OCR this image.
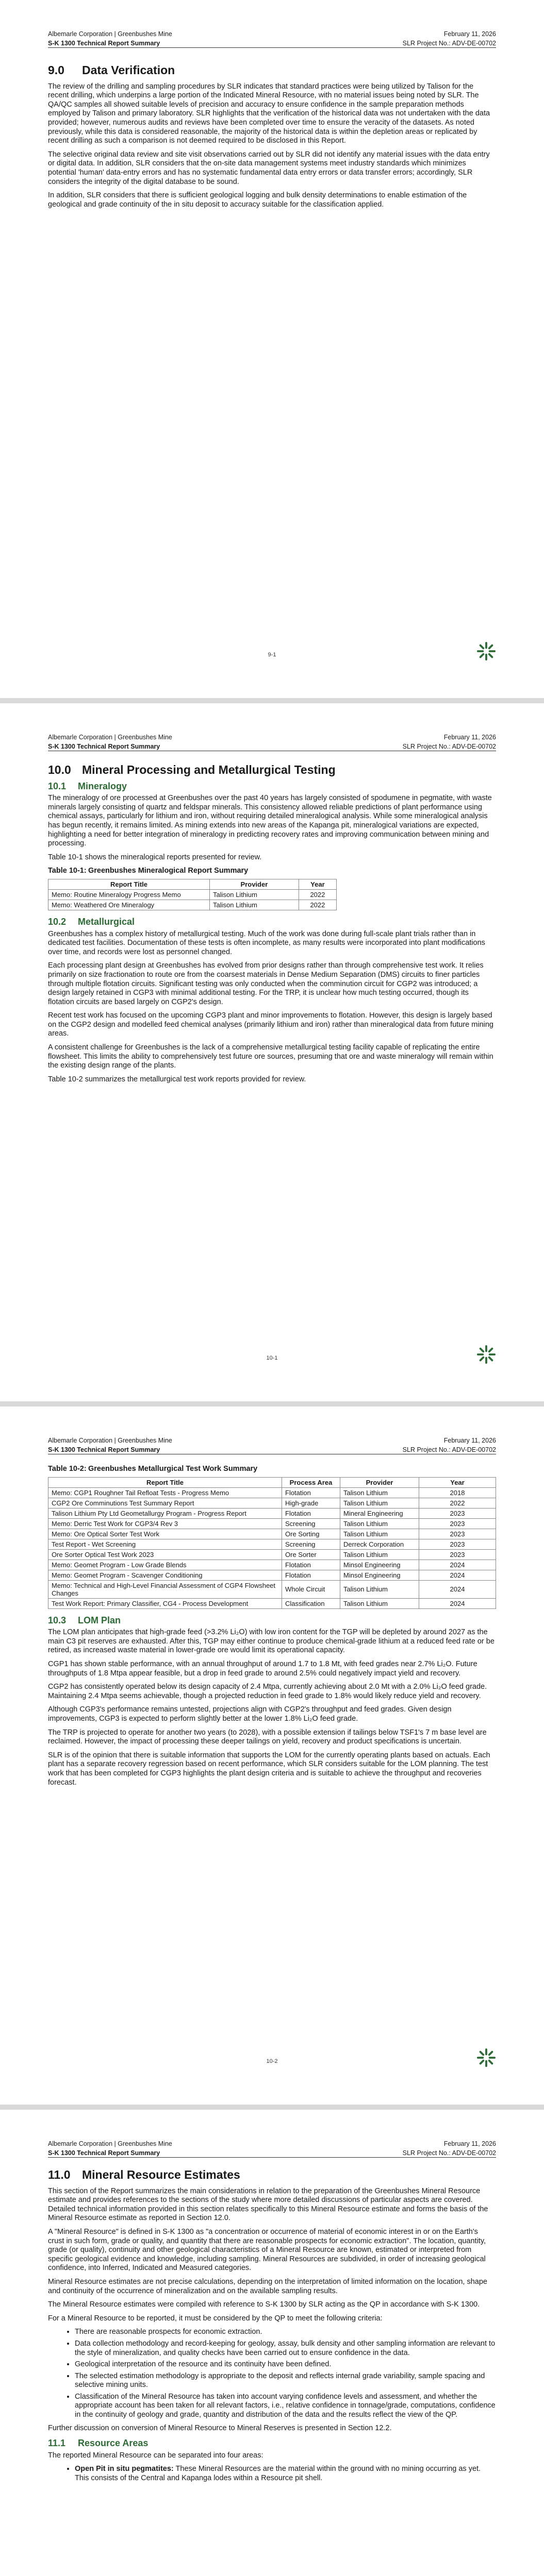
Albemarle Corporation | Greenbushes Mine	February 11, 2026
S-K 1300 Technical Report Summary	SLR Project No.: ADV-DE-00702
9.0 Data Verification

The review of the drilling and sampling procedures by SLR indicates that standard practices were being utilized by Talison for the recent drilling, which underpins a large portion of the Indicated Mineral Resource, with no material issues being noted by SLR. The QA/QC samples all showed suitable levels of precision and accuracy to ensure confidence in the sample preparation methods employed by Talison and primary laboratory. SLR highlights that the verification of the historical data was not undertaken with the data provided; however, numerous audits and reviews have been completed over time to ensure the veracity of the datasets. As noted previously, while this data is considered reasonable, the majority of the historical data is within the depletion areas or replicated by recent drilling as such a comparison is not deemed required to be disclosed in this Report.

The selective original data review and site visit observations carried out by SLR did not identify any material issues with the data entry or digital data. In addition, SLR considers that the on-site data management systems meet industry standards which minimizes potential 'human' data-entry errors and has no systematic fundamental data entry errors or data transfer errors; accordingly, SLR considers the integrity of the digital database to be sound.

In addition, SLR considers that there is sufficient geological logging and bulk density determinations to enable estimation of the geological and grade continuity of the in situ deposit to accuracy suitable for the classification applied.

9-1
Albemarle Corporation | Greenbushes Mine	February 11, 2026
S-K 1300 Technical Report Summary	SLR Project No.: ADV-DE-00702
10.0 Mineral Processing and Metallurgical Testing
10.1 Mineralogy

The mineralogy of ore processed at Greenbushes over the past 40 years has largely consisted of spodumene in pegmatite, with waste minerals largely consisting of quartz and feldspar minerals. This consistency allowed reliable predictions of plant performance using chemical assays, particularly for lithium and iron, without requiring detailed mineralogical analysis. While some mineralogical analysis has begun recently, it remains limited. As mining extends into new areas of the Kapanga pit, mineralogical variations are expected, highlighting a need for better integration of mineralogy in predicting recovery rates and improving communication between mining and processing.

Table 10-1 shows the mineralogical reports presented for review.

Table 10-1: Greenbushes Mineralogical Report Summary
Report Title	Provider	Year
Memo: Routine Mineralogy Progress Memo	Talison Lithium	2022
Memo: Weathered Ore Mineralogy	Talison Lithium	2022
10.2 Metallurgical

Greenbushes has a complex history of metallurgical testing. Much of the work was done during full-scale plant trials rather than in dedicated test facilities. Documentation of these tests is often incomplete, as many results were incorporated into plant modifications over time, and records were lost as personnel changed.

Each processing plant design at Greenbushes has evolved from prior designs rather than through comprehensive test work. It relies primarily on size fractionation to route ore from the coarsest materials in Dense Medium Separation (DMS) circuits to finer particles through multiple flotation circuits. Significant testing was only conducted when the comminution circuit for CGP2 was introduced; a design largely retained in CGP3 with minimal additional testing. For the TRP, it is unclear how much testing occurred, though its flotation circuits are based largely on CGP2's design.

Recent test work has focused on the upcoming CGP3 plant and minor improvements to flotation. However, this design is largely based on the CGP2 design and modelled feed chemical analyses (primarily lithium and iron) rather than mineralogical data from future mining areas.

A consistent challenge for Greenbushes is the lack of a comprehensive metallurgical testing facility capable of replicating the entire flowsheet. This limits the ability to comprehensively test future ore sources, presuming that ore and waste mineralogy will remain within the existing design range of the plants.

Table 10-2 summarizes the metallurgical test work reports provided for review.

10-1
Albemarle Corporation | Greenbushes Mine	February 11, 2026
S-K 1300 Technical Report Summary	SLR Project No.: ADV-DE-00702
Table 10-2: Greenbushes Metallurgical Test Work Summary
Report Title	Process Area	Provider	Year
Memo: CGP1 Roughner Tail Refloat Tests - Progress Memo	Flotation	Talison Lithium	2018
CGP2 Ore Comminutions Test Summary Report	High-grade	Talison Lithium	2022
Talison Lithium Pty Ltd Geometallurgy Program - Progress Report	Flotation	Mineral Engineering	2023
Memo: Derric Test Work for CGP3/4 Rev 3	Screening	Talison Lithium	2023
Memo: Ore Optical Sorter Test Work	Ore Sorting	Talison Lithium	2023
Test Report - Wet Screening	Screening	Derreck Corporation	2023
Ore Sorter Optical Test Work 2023	Ore Sorter	Talison Lithium	2023
Memo: Geomet Program - Low Grade Blends	Flotation	Minsol Engineering	2024
Memo: Geomet Program - Scavenger Conditioning	Flotation	Minsol Engineering	2024
Memo: Technical and High-Level Financial Assessment of CGP4 Flowsheet Changes	Whole Circuit	Talison Lithium	2024
Test Work Report: Primary Classifier, CG4 - Process Development	Classification	Talison Lithium	2024
10.3 LOM Plan

The LOM plan anticipates that high-grade feed (>3.2% Li₂O) with low iron content for the TGP will be depleted by around 2027 as the main C3 pit reserves are exhausted. After this, TGP may either continue to produce chemical-grade lithium at a reduced feed rate or be retired, as increased waste material in lower-grade ore would limit its operational capacity.

CGP1 has shown stable performance, with an annual throughput of around 1.7 to 1.8 Mt, with feed grades near 2.7% Li₂O. Future throughputs of 1.8 Mtpa appear feasible, but a drop in feed grade to around 2.5% could negatively impact yield and recovery.

CGP2 has consistently operated below its design capacity of 2.4 Mtpa, currently achieving about 2.0 Mt with a 2.0% Li₂O feed grade. Maintaining 2.4 Mtpa seems achievable, though a projected reduction in feed grade to 1.8% would likely reduce yield and recovery.

Although CGP3's performance remains untested, projections align with CGP2's throughput and feed grades. Given design improvements, CGP3 is expected to perform slightly better at the lower 1.8% Li₂O feed grade.

The TRP is projected to operate for another two years (to 2028), with a possible extension if tailings below TSF1's 7 m base level are reclaimed. However, the impact of processing these deeper tailings on yield, recovery and product specifications is uncertain.

SLR is of the opinion that there is suitable information that supports the LOM for the currently operating plants based on actuals. Each plant has a separate recovery regression based on recent performance, which SLR considers suitable for the LOM planning. The test work that has been completed for CGP3 highlights the plant design criteria and is suitable to achieve the throughput and recoveries forecast.

10-2
Albemarle Corporation | Greenbushes Mine	February 11, 2026
S-K 1300 Technical Report Summary	SLR Project No.: ADV-DE-00702
11.0 Mineral Resource Estimates

This section of the Report summarizes the main considerations in relation to the preparation of the Greenbushes Mineral Resource estimate and provides references to the sections of the study where more detailed discussions of particular aspects are covered. Detailed technical information provided in this section relates specifically to this Mineral Resource estimate and forms the basis of the Mineral Resource estimate as reported in Section 12.0.

A "Mineral Resource" is defined in S-K 1300 as "a concentration or occurrence of material of economic interest in or on the Earth's crust in such form, grade or quality, and quantity that there are reasonable prospects for economic extraction". The location, quantity, grade (or quality), continuity and other geological characteristics of a Mineral Resource are known, estimated or interpreted from specific geological evidence and knowledge, including sampling. Mineral Resources are subdivided, in order of increasing geological confidence, into Inferred, Indicated and Measured categories.

Mineral Resource estimates are not precise calculations, depending on the interpretation of limited information on the location, shape and continuity of the occurrence of mineralization and on the available sampling results.

The Mineral Resource estimates were compiled with reference to S-K 1300 by SLR acting as the QP in accordance with S-K 1300.

For a Mineral Resource to be reported, it must be considered by the QP to meet the following criteria:

• There are reasonable prospects for economic extraction.
• Data collection methodology and record-keeping for geology, assay, bulk density and other sampling information are relevant to the style of mineralization, and quality checks have been carried out to ensure confidence in the data.
• Geological interpretation of the resource and its continuity have been defined.
• The selected estimation methodology is appropriate to the deposit and reflects internal grade variability, sample spacing and selective mining units.
• Classification of the Mineral Resource has taken into account varying confidence levels and assessment, and whether the appropriate account has been taken for all relevant factors, i.e., relative confidence in tonnage/grade, computations, confidence in the continuity of geology and grade, quantity and distribution of the data and the results reflect the view of the QP.

Further discussion on conversion of Mineral Resource to Mineral Reserves is presented in Section 12.2.

11.1 Resource Areas

The reported Mineral Resource can be separated into four areas:

• Open Pit in situ pegmatites: These Mineral Resources are the material within the ground with no mining occurring as yet. This consists of the Central and Kapanga lodes within a Resource pit shell.
